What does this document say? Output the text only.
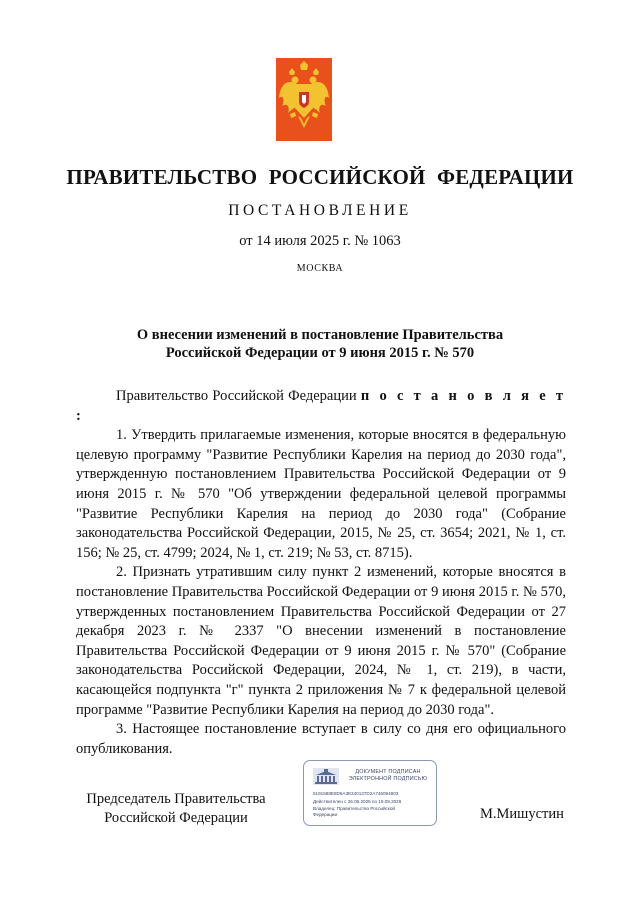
ПРАВИТЕЛЬСТВО РОССИЙСКОЙ ФЕДЕРАЦИИ
ПОСТАНОВЛЕНИЕ
от 14 июля 2025 г. № 1063
МОСКВА
О внесении изменений в постановление Правительства
Российской Федерации от 9 июня 2015 г. № 570

Правительство Российской Федерации п о с т а н о в л я е т :

1. Утвердить прилагаемые изменения, которые вносятся в федеральную целевую программу "Развитие Республики Карелия на период до 2030 года", утвержденную постановлением Правительства Российской Федерации от 9 июня 2015 г. № 570 "Об утверждении федеральной целевой программы "Развитие Республики Карелия на период до 2030 года" (Собрание законодательства Российской Федерации, 2015, № 25, ст. 3654; 2021, № 1, ст. 156; № 25, ст. 4799; 2024, № 1, ст. 219; № 53, ст. 8715).

2. Признать утратившим силу пункт 2 изменений, которые вносятся в постановление Правительства Российской Федерации от 9 июня 2015 г. № 570, утвержденных постановлением Правительства Российской Федерации от 27 декабря 2023 г. № 2337 "О внесении изменений в постановление Правительства Российской Федерации от 9 июня 2015 г. № 570" (Собрание законодательства Российской Федерации, 2024, № 1, ст. 219), в части, касающейся подпункта "г" пункта 2 приложения № 7 к федеральной целевой программе "Развитие Республики Карелия на период до 2030 года".

3. Настоящее постановление вступает в силу со дня его официального опубликования.

Председатель Правительства
Российской Федерации
ДОКУМЕНТ ПОДПИСАН
ЭЛЕКТРОННОЙ ПОДПИСЬЮ
5191588E8D6A3E340137D2A746094803
Действителен с 26.06.2025 по 19.09.2026
Владелец: Правительство Российской
Федерации	М.Мишустин
